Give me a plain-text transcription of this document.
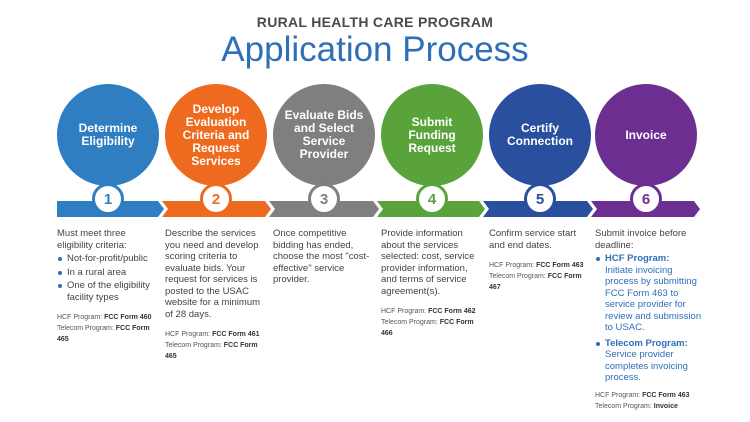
RURAL HEALTH CARE PROGRAM
Application Process
Determine Eligibility
1
Must meet three eligibility criteria:
Not-for-profit/public
In a rural area
One of the eligibility facility types
HCF Program: FCC Form 460
Telecom Program: FCC Form 465
Develop Evaluation Criteria and Request Services
2
Describe the services you need and develop scoring criteria to evaluate bids. Your request for services is posted to the USAC website for a minimum of 28 days.
HCF Program: FCC Form 461
Telecom Program: FCC Form 465
Evaluate Bids and Select Service Provider
3
Once competitive bidding has ended, choose the most "cost-effective" service provider.
Submit Funding Request
4
Provide information about the services selected: cost, service provider information, and terms of service agreement(s).
HCF Program: FCC Form 462
Telecom Program: FCC Form 466
Certify Connection
5
Confirm service start and end dates.
HCF Program: FCC Form 463
Telecom Program: FCC Form 467
Invoice
6
Submit invoice before deadline:
HCF Program:
Initiate invoicing process by submitting FCC Form 463 to service provider for review and submission to USAC.
Telecom Program:
Service provider completes invoicing process.
HCF Program: FCC Form 463
Telecom Program: Invoice
